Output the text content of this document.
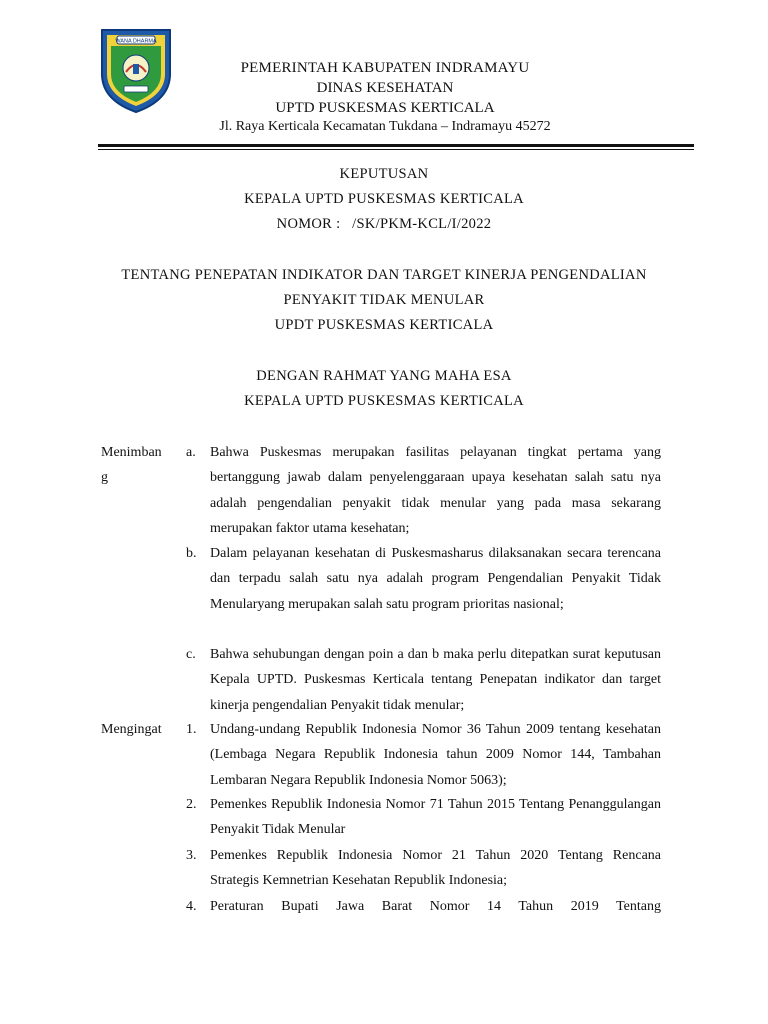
WANA DHARMA
PEMERINTAH KABUPATEN INDRAMAYU
DINAS KESEHATAN
UPTD PUSKESMAS KERTICALA
Jl. Raya Kerticala Kecamatan Tukdana – Indramayu 45272
KEPUTUSAN
KEPALA UPTD PUSKESMAS KERTICALA
NOMOR :   /SK/PKM-KCL/I/2022
TENTANG PENEPATAN INDIKATOR DAN TARGET KINERJA PENGENDALIAN
PENYAKIT TIDAK MENULAR
UPDT PUSKESMAS KERTICALA
DENGAN RAHMAT YANG MAHA ESA
KEPALA UPTD PUSKESMAS KERTICALA
Menimban
g
a. Bahwa Puskesmas merupakan fasilitas pelayanan tingkat pertama yang bertanggung jawab dalam penyelenggaraan upaya kesehatan salah satu nya adalah pengendalian penyakit tidak menular yang pada masa sekarang merupakan faktor utama kesehatan;
b. Dalam pelayanan kesehatan di Puskesmasharus dilaksanakan secara terencana dan terpadu salah satu nya adalah program Pengendalian Penyakit Tidak Menularyang merupakan salah satu program prioritas nasional;
c. Bahwa sehubungan dengan poin a dan b maka perlu ditepatkan surat keputusan Kepala UPTD. Puskesmas Kerticala tentang Penepatan indikator dan target kinerja pengendalian Penyakit tidak menular;
Mengingat	1. Undang-undang Republik Indonesia Nomor 36 Tahun 2009 tentang kesehatan (Lembaga Negara Republik Indonesia tahun 2009 Nomor 144, Tambahan Lembaran Negara Republik Indonesia Nomor 5063);
2. Pemenkes Republik Indonesia Nomor 71 Tahun 2015 Tentang Penanggulangan Penyakit Tidak Menular
3. Pemenkes Republik Indonesia Nomor 21 Tahun 2020 Tentang Rencana Strategis Kemnetrian Kesehatan Republik Indonesia;
4. Peraturan Bupati Jawa Barat Nomor 14 Tahun 2019 Tentang
